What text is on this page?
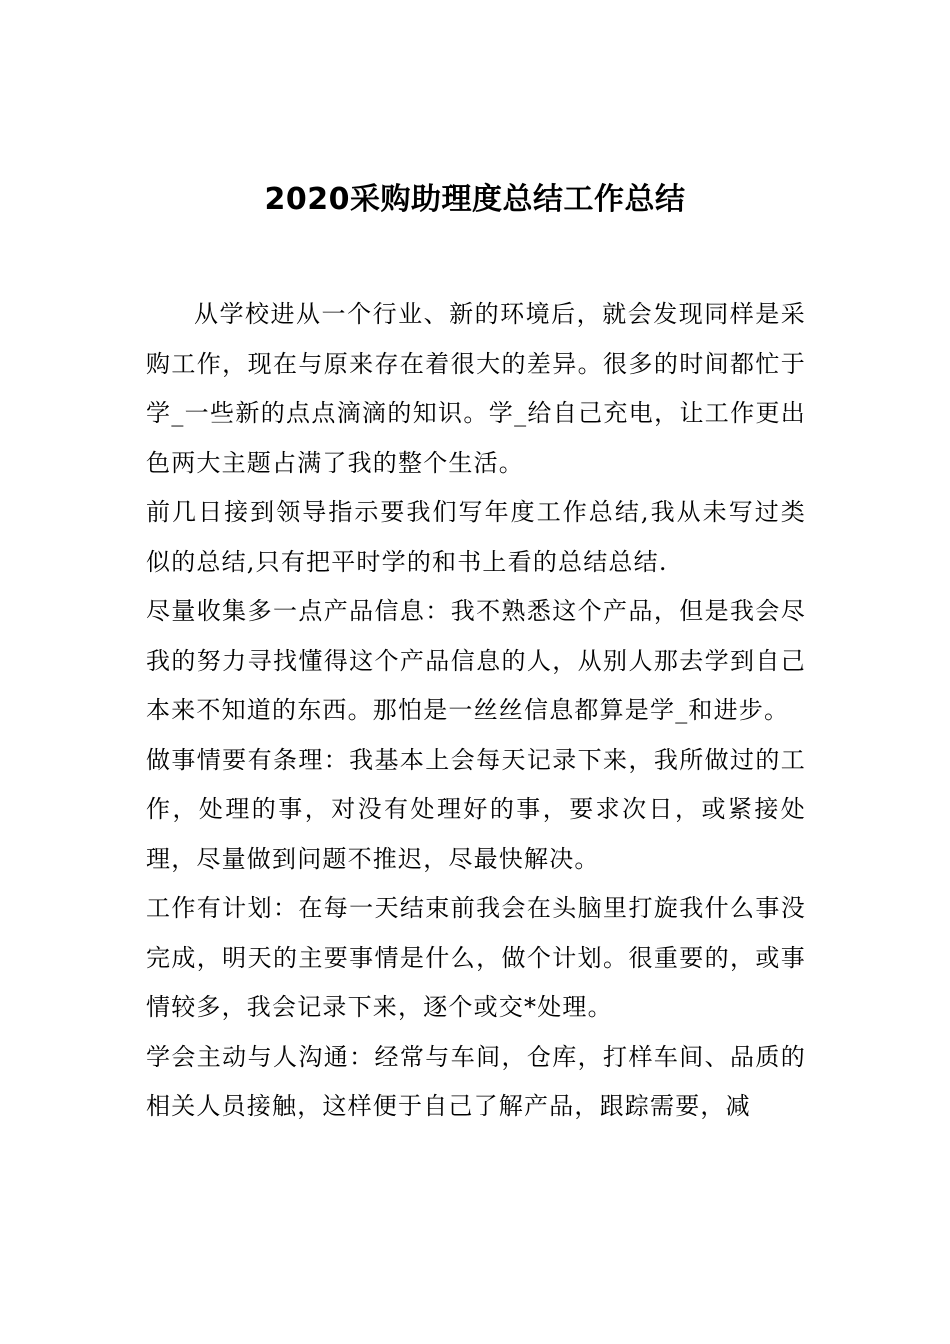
2020采购助理度总结工作总结

从学校进从一个行业、新的环境后，就会发现同样是采购工作，现在与原来存在着很大的差异。很多的时间都忙于学_一些新的点点滴滴的知识。学_给自己充电，让工作更出色两大主题占满了我的整个生活。

前几日接到领导指示要我们写年度工作总结,我从未写过类似的总结,只有把平时学的和书上看的总结总结.

尽量收集多一点产品信息：我不熟悉这个产品，但是我会尽我的努力寻找懂得这个产品信息的人，从别人那去学到自己本来不知道的东西。那怕是一丝丝信息都算是学_和进步。

做事情要有条理：我基本上会每天记录下来，我所做过的工作，处理的事，对没有处理好的事，要求次日，或紧接处理，尽量做到问题不推迟，尽最快解决。

工作有计划：在每一天结束前我会在头脑里打旋我什么事没完成，明天的主要事情是什么，做个计划。很重要的，或事情较多，我会记录下来，逐个或交*处理。

学会主动与人沟通：经常与车间，仓库，打样车间、品质的相关人员接触，这样便于自己了解产品，跟踪需要，减
